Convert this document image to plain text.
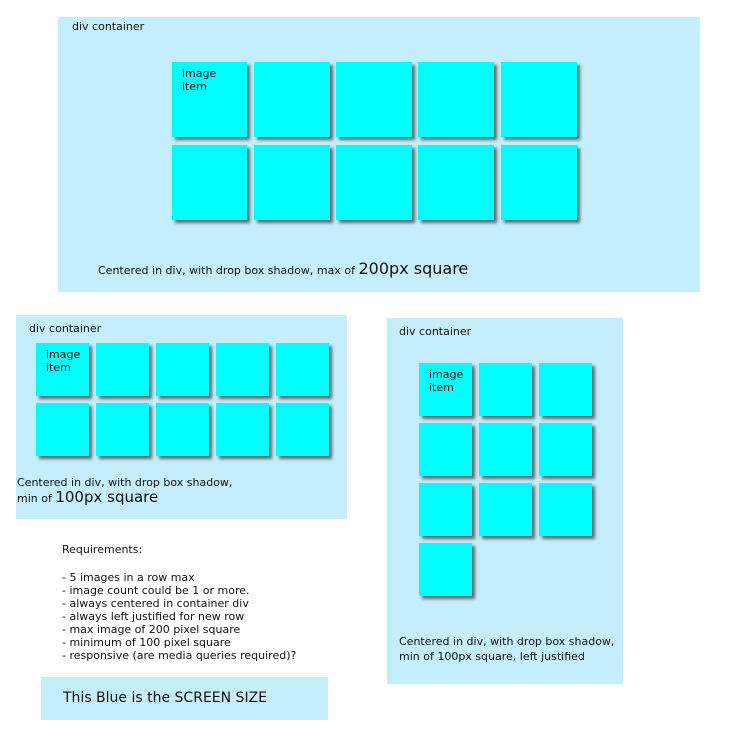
div container
image
item
Centered in div, with drop box shadow, max of 200px square
div container
image
item
Centered in div, with drop box shadow,
min of 100px square
div container
image
item
Centered in div, with drop box shadow,
min of 100px square, left justified
Requirements:
- 5 images in a row max
- image count could be 1 or more.
- always centered in container div
- always left justified for new row
- max image of 200 pixel square
- minimum of 100 pixel square
- responsive (are media queries required)?
This Blue is the SCREEN SIZE
